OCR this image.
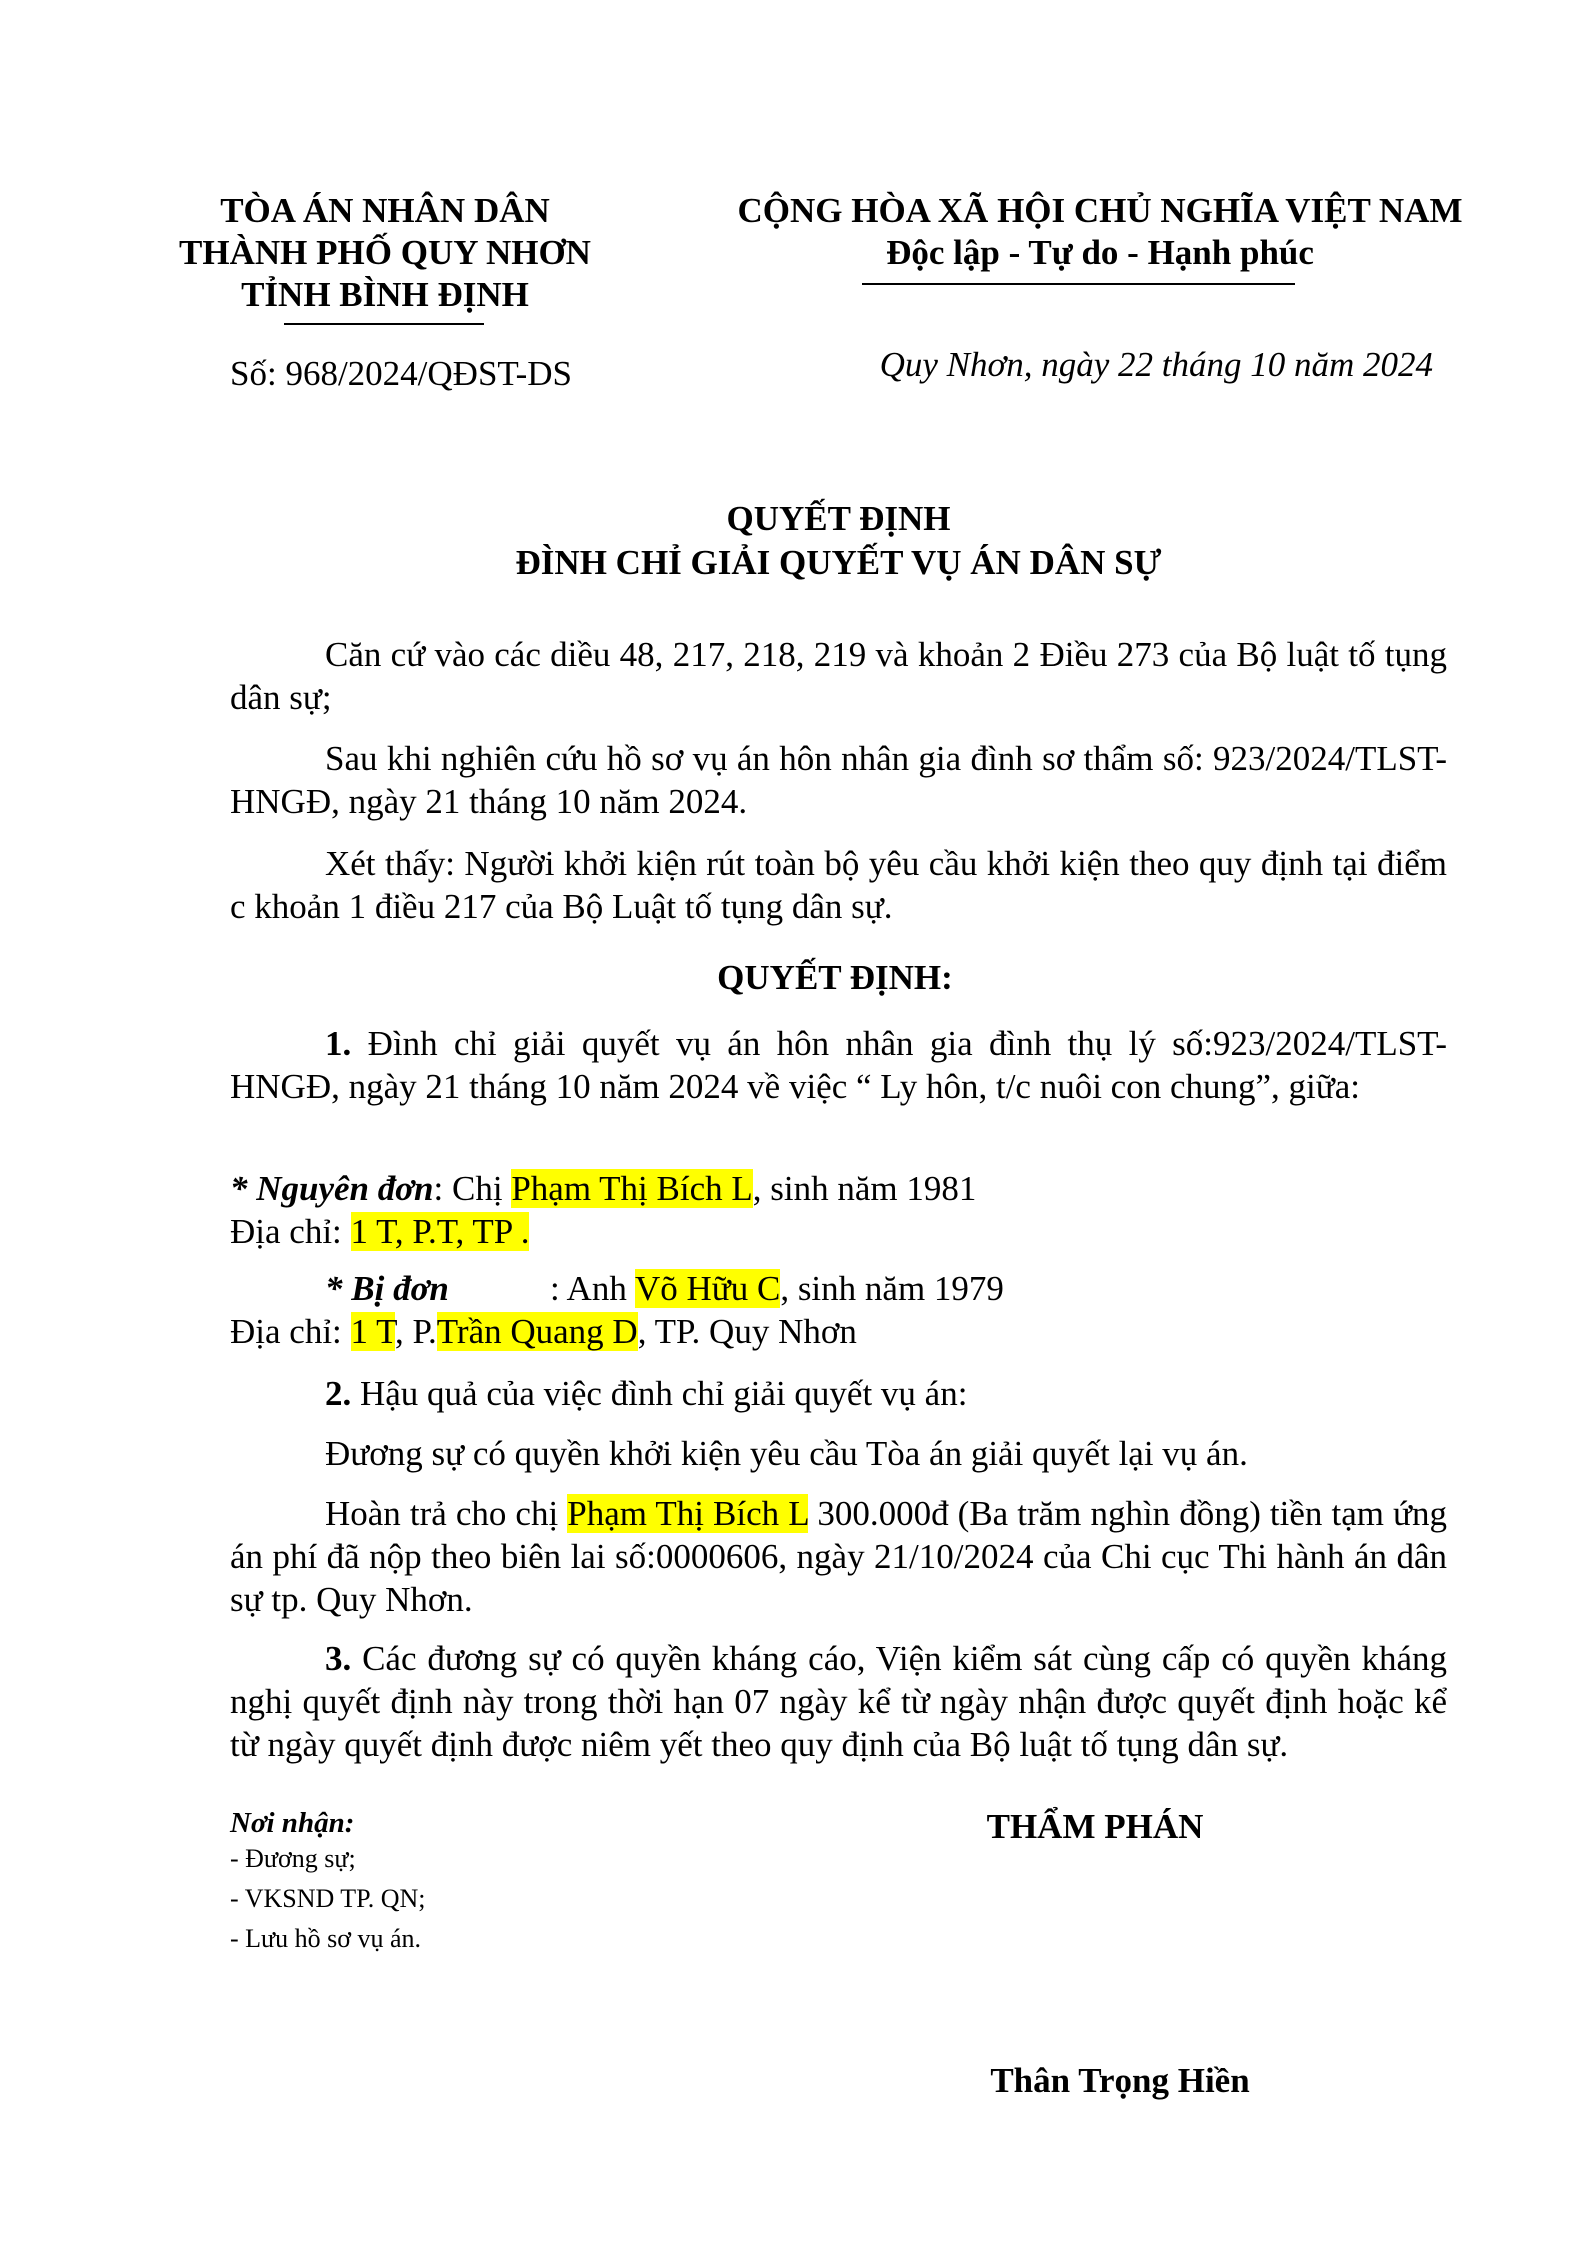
TÒA ÁN NHÂN DÂN
THÀNH PHỐ QUY NHƠN
TỈNH BÌNH ĐỊNH
Số: 968/2024/QĐST-DS
CỘNG HÒA XÃ HỘI CHỦ NGHĨA VIỆT NAM
Độc lập - Tự do - Hạnh phúc
Quy Nhơn, ngày 22 tháng 10 năm 2024
QUYẾT ĐỊNH
ĐÌNH CHỈ GIẢI QUYẾT VỤ ÁN DÂN SỰ
Căn cứ vào các diều 48, 217, 218, 219 và khoản 2 Điều 273 của Bộ luật tố tụng dân sự;
Sau khi nghiên cứu hồ sơ vụ án hôn nhân gia đình sơ thẩm số: 923/2024/TLST-HNGĐ, ngày 21 tháng 10 năm 2024.
Xét thấy: Người khởi kiện rút toàn bộ yêu cầu khởi kiện theo quy định tại điểm c khoản 1 điều 217 của Bộ Luật tố tụng dân sự.
QUYẾT ĐỊNH:
1. Đình chỉ giải quyết vụ án hôn nhân gia đình thụ lý số:923/2024/TLST-HNGĐ, ngày 21 tháng 10 năm 2024 về việc “ Ly hôn, t/c nuôi con chung”, giữa:
* Nguyên đơn: Chị Phạm Thị Bích L, sinh năm 1981
Địa chỉ: 1 T, P.T, TP .
* Bị đơn	: Anh Võ Hữu C, sinh năm 1979
Địa chỉ: 1 T, P.Trần Quang D, TP. Quy Nhơn
2. Hậu quả của việc đình chỉ giải quyết vụ án:
Đương sự có quyền khởi kiện yêu cầu Tòa án giải quyết lại vụ án.
Hoàn trả cho chị Phạm Thị Bích L 300.000đ (Ba trăm nghìn đồng) tiền tạm ứng án phí đã nộp theo biên lai số:0000606, ngày 21/10/2024 của Chi cục Thi hành án dân sự tp. Quy Nhơn.
3. Các đương sự có quyền kháng cáo, Viện kiểm sát cùng cấp có quyền kháng nghị quyết định này trong thời hạn 07 ngày kể từ ngày nhận được quyết định hoặc kể từ ngày quyết định được niêm yết theo quy định của Bộ luật tố tụng dân sự.
Nơi nhận:
- Đương sự;
- VKSND TP. QN;
- Lưu hồ sơ vụ án.
THẨM PHÁN
Thân Trọng Hiền
